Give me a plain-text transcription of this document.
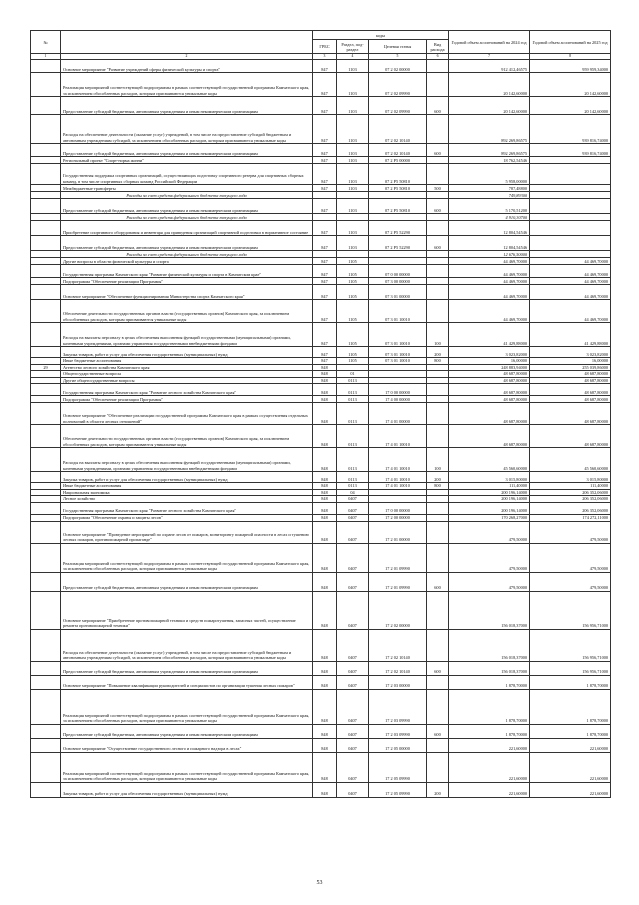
№		коды				Годовой объем ассигнований на 2024 год	Годовой объем ассигнований на 2025 год
		ГРБС	Раздел, под-раздел	Целевая статья	Вид расхода		
1	2	3	4	5	6	7	8
	Основное мероприятие "Развитие учреждений сферы физической культуры и спорта"	847	1103	07 2 02 00000		912 412,46575	959 959,34000
	Реализация мероприятий соответствующей подпрограммы в рамках соответствующей государственной программы Камчатского края, за исключением обособленных расходов, которым присваиваются уникальные коды	847	1103	07 2 02 09990		20 142,60000	20 142,60000
	Предоставление субсидий бюджетным, автономным учреждениям и иным некоммерческим организациям	847	1103	07 2 02 09990	600	20 142,60000	20 142,60000
	Расходы на обеспечение деятельности (оказание услуг) учреждений, в том числе на предоставление субсидий бюджетным и автономным учреждениям субсидий, за исключением обособленных расходов, которым присваиваются уникальные коды	847	1103	07 2 02 10140		892 269,86575	939 816,74000
	Предоставление субсидий бюджетным, автономным учреждениям и иным некоммерческим организациям	847	1103	07 2 02 10140	600	892 269,86575	939 816,74000
	Региональный проект "Спорт-норма жизни"	847	1103	07 2 P5 00000		18 762,54546	
	Государственная поддержка спортивных организаций, осуществляющих подготовку спортивного резерва для спортивных сборных команд, в том числе спортивных сборных команд Российской Федерации	847	1103	07 2 P5 50810		5 958,00000	
	Межбюджетные трансферты	847	1103	07 2 P5 50810	500	787,48800	
	Расходы за счет средств федерального бюджета текущего года					749,89300	
	Предоставление субсидий бюджетным, автономным учреждениям и иным некоммерческим организациям	847	1103	07 2 P5 50810	600	5 170,51200	
	Расходы за счет средств федерального бюджета текущего года					4 910,30700	
	Приобретение спортивного оборудования и инвентаря для приведения организаций спортивной подготовки в нормативное состояние	847	1103	07 2 P5 52290		12 804,54546	
	Предоставление субсидий бюджетным, автономным учреждениям и иным некоммерческим организациям	847	1103	07 2 P5 52290	600	12 804,54546	
	Расходы за счет средств федерального бюджета текущего года					12 676,50000	
	Другие вопросы в области физической культуры и спорта	847	1105			44 469,70000	44 469,70000
	Государственная программа Камчатского края "Развитие физической культуры и спорта в Камчатском крае"	847	1105	07 0 00 00000		44 469,70000	44 469,70000
	Подпрограмма "Обеспечение реализации Программы"	847	1105	07 3 00 00000		44 469,70000	44 469,70000
	Основное мероприятие "Обеспечение функционирования Министерства спорта Камчатского края"	847	1105	07 3 01 00000		44 469,70000	44 469,70000
	Обеспечение деятельности государственных органов власти (государственных органов) Камчатского края, за исключением обособленных расходов, которым присваиваются уникальные коды	847	1105	07 3 01 10010		44 469,70000	44 469,70000
	Расходы на выплаты персоналу в целях обеспечения выполнения функций государственными (муниципальными) органами, казенными учреждениями, органами управления государственными внебюджетными фондами	847	1105	07 3 01 10010	100	41 429,88000	41 429,88000
	Закупка товаров, работ и услуг для обеспечения государственных (муниципальных) нужд	847	1105	07 3 01 10010	200	3 023,82000	3 023,82000
	Иные бюджетные ассигнования	847	1105	07 3 01 10010	800	16,00000	16,00000
29	Агентство лесного хозяйства Камчатского края	848				248 883,94000	255 039,86000
	Общегосударственные вопросы	848	01			48 687,80000	48 687,80000
	Другие общегосударственные вопросы	848	0113			48 687,80000	48 687,80000
	Государственная программа Камчатского края "Развитие лесного хозяйства Камчатского края"	848	0113	17 0 00 00000		48 687,80000	48 687,80000
	Подпрограмма "Обеспечение реализации Программы"	848	0113	17 4 00 00000		48 687,80000	48 687,80000
	Основное мероприятие "Обеспечение реализации государственной программы Камчатского края в рамках осуществления отдельных полномочий в области лесных отношений"	848	0113	17 4 01 00000		48 687,80000	48 687,80000
	Обеспечение деятельности государственных органов власти (государственных органов) Камчатского края, за исключением обособленных расходов, которым присваиваются уникальные коды	848	0113	17 4 01 10010		48 687,80000	48 687,80000
	Расходы на выплаты персоналу в целях обеспечения выполнения функций государственными (муниципальными) органами, казенными учреждениями, органами управления государственными внебюджетными фондами	848	0113	17 4 01 10010	100	45 560,60000	45 560,60000
	Закупка товаров, работ и услуг для обеспечения государственных (муниципальных) нужд	848	0113	17 4 01 10010	200	3 015,80000	3 015,80000
	Иные бюджетные ассигнования	848	0113	17 4 01 10010	800	111,40000	111,40000
	Национальная экономика	848	04			200 196,14000	206 352,06000
	Лесное хозяйство	848	0407			200 196,14000	206 352,06000
	Государственная программа Камчатского края "Развитие лесного хозяйства Камчатского края"	848	0407	17 0 00 00000		200 196,14000	206 352,06000
	Подпрограмма "Обеспечение охраны и защиты лесов"	848	0407	17 2 00 00000		170 268,27000	174 272,11000
	Основное мероприятие "Проведение мероприятий по охране лесов от пожаров, мониторингу пожарной опасности в лесах и тушению лесных пожаров, противопожарной пропаганде"	848	0407	17 2 01 00000		479,50000	479,50000
	Реализация мероприятий соответствующей подпрограммы в рамках соответствующей государственной программы Камчатского края, за исключением обособленных расходов, которым присваиваются уникальные коды	848	0407	17 2 01 09990		479,50000	479,50000
	Предоставление субсидий бюджетным, автономным учреждениям и иным некоммерческим организациям	848	0407	17 2 01 09990	600	479,50000	479,50000
	Основное мероприятие "Приобретение противопожарной техники и средств пожаротушения, запасных частей, осуществление ремонта противопожарной техники"	848	0407	17 2 02 00000		156 018,37000	156 956,71000
	Расходы на обеспечение деятельности (оказание услуг) учреждений, в том числе на предоставление субсидий бюджетным и автономным учреждениям субсидий, за исключением обособленных расходов, которым присваиваются уникальные коды	848	0407	17 2 02 10140		156 018,37000	156 956,71000
	Предоставление субсидий бюджетным, автономным учреждениям и иным некоммерческим организациям	848	0407	17 2 02 10140	600	156 018,37000	156 956,71000
	Основное мероприятие "Повышение квалификации руководителей и специалистов по организации тушения лесных пожаров"	848	0407	17 2 03 00000		1 878,70000	1 878,70000
	Реализация мероприятий соответствующей подпрограммы в рамках соответствующей государственной программы Камчатского края, за исключением обособленных расходов, которым присваиваются уникальные коды	848	0407	17 2 03 09990		1 878,70000	1 878,70000
	Предоставление субсидий бюджетным, автономным учреждениям и иным некоммерческим организациям	848	0407	17 2 03 09990	600	1 878,70000	1 878,70000
	Основное мероприятие "Осуществление государственного лесного и пожарного надзора в лесах"	848	0407	17 2 05 00000		221,60000	221,60000
	Реализация мероприятий соответствующей подпрограммы в рамках соответствующей государственной программы Камчатского края, за исключением обособленных расходов, которым присваиваются уникальные коды	848	0407	17 2 05 09990		221,60000	221,60000
	Закупка товаров, работ и услуг для обеспечения государственных (муниципальных) нужд	848	0407	17 2 05 09990	200	221,60000	221,60000
53
